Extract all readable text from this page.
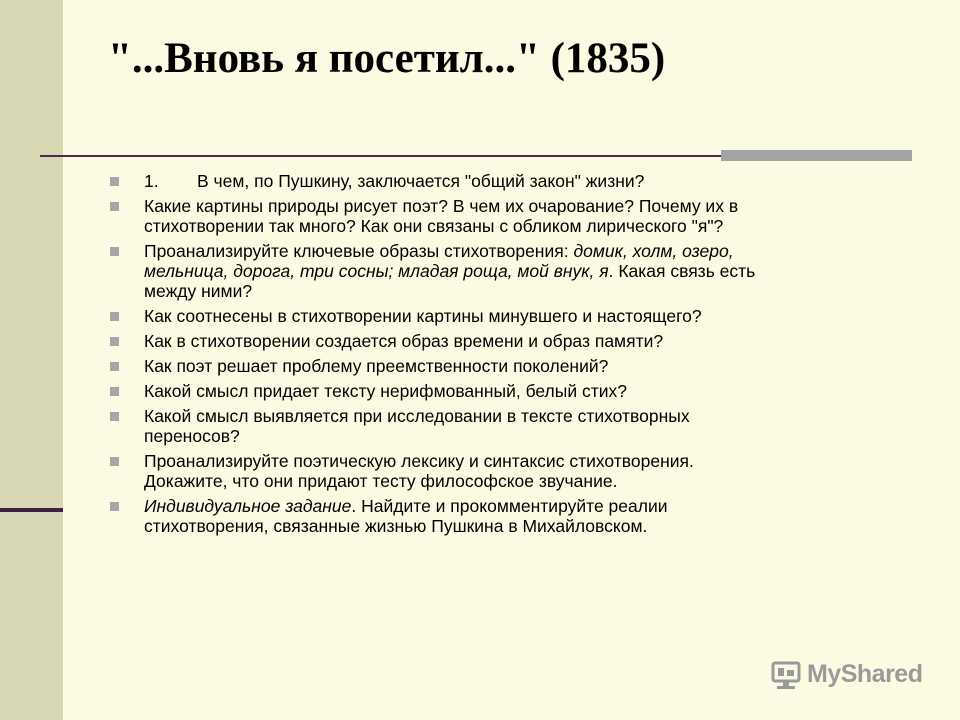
"...Вновь я посетил..." (1835)
1. В чем, по Пушкину, заключается "общий закон" жизни?
Какие картины природы рисует поэт? В чем их очарование? Почему их в
стихотворении так много? Как они связаны с обликом лирического "я"?
Проанализируйте ключевые образы стихотворения: домик, холм, озеро,
мельница, дорога, три сосны; младая роща, мой внук, я. Какая связь есть
между ними?
Как соотнесены в стихотворении картины минувшего и настоящего?
Как в стихотворении создается образ времени и образ памяти?
Как поэт решает проблему преемственности поколений?
Какой смысл придает тексту нерифмованный, белый стих?
Какой смысл выявляется при исследовании в тексте стихотворных
переносов?
Проанализируйте поэтическую лексику и синтаксис стихотворения.
Докажите, что они придают тесту философское звучание.
Индивидуальное задание. Найдите и прокомментируйте реалии
стихотворения, связанные жизнью Пушкина в Михайловском.
MyShared
